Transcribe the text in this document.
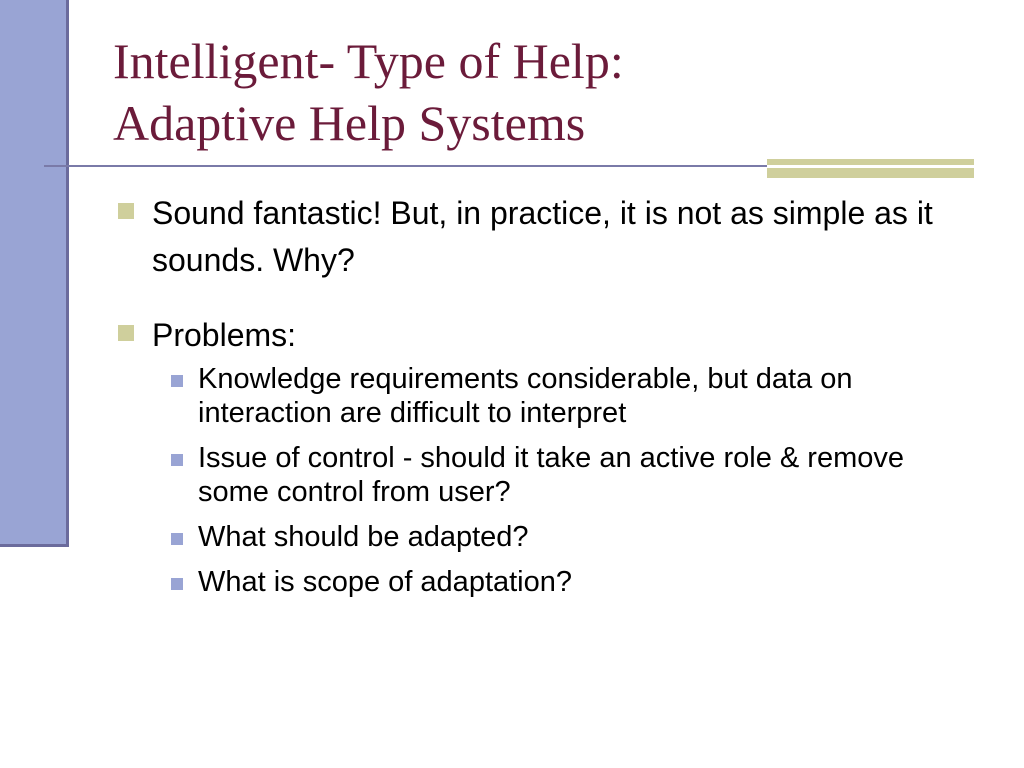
Intelligent- Type of Help:
Adaptive Help Systems
Sound fantastic! But, in practice, it is not as simple as it sounds. Why?
Problems:
Knowledge requirements considerable, but data on interaction are difficult to interpret
Issue of control - should it take an active role & remove some control from user?
What should be adapted?
What is scope of adaptation?
